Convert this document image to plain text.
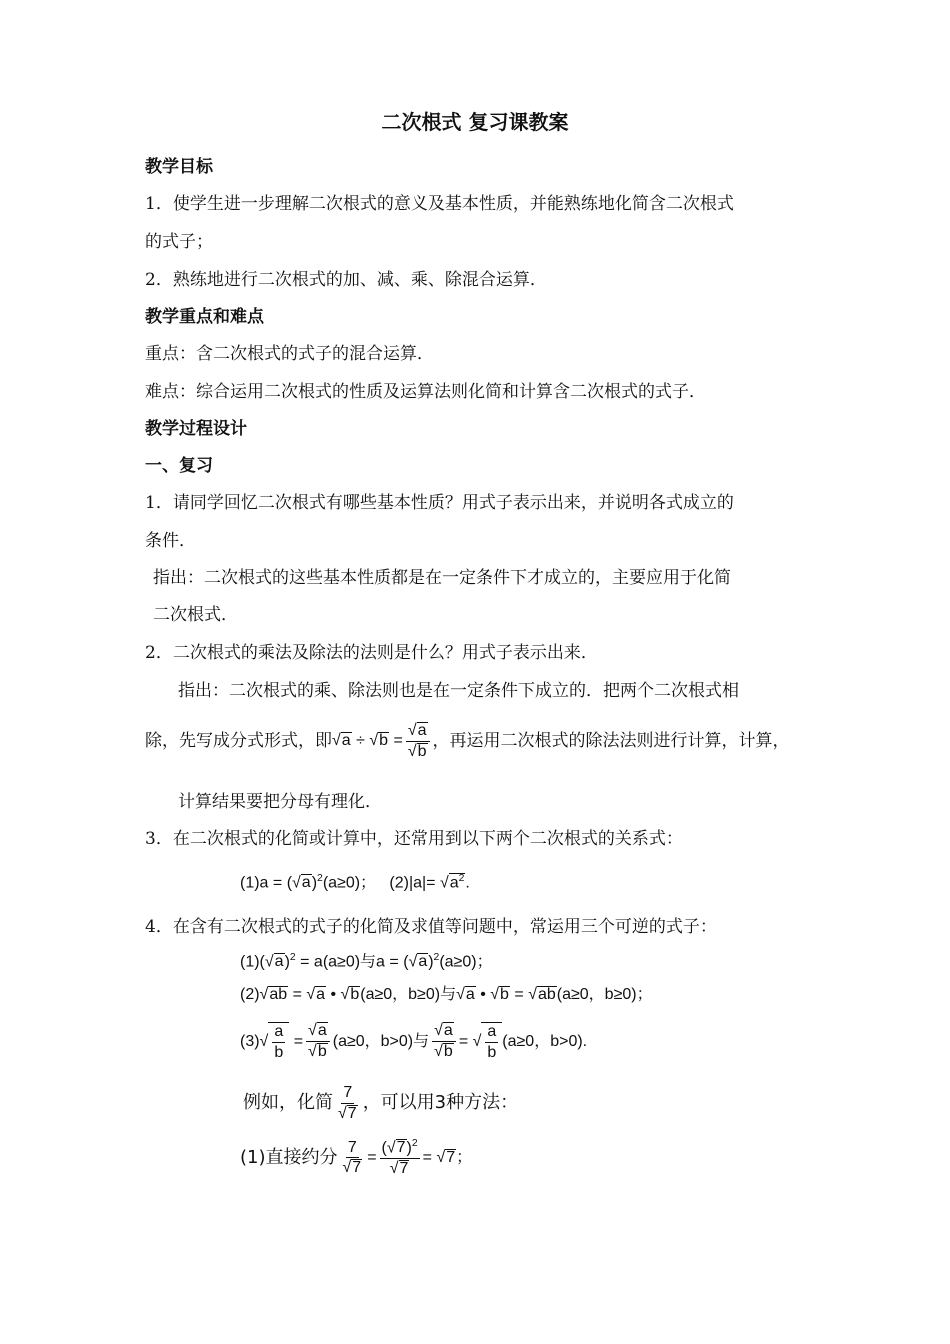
二次根式 复习课教案
教学目标
1．使学生进一步理解二次根式的意义及基本性质，并能熟练地化简含二次根式
的式子；
2．熟练地进行二次根式的加、减、乘、除混合运算．
教学重点和难点
重点：含二次根式的式子的混合运算．
难点：综合运用二次根式的性质及运算法则化简和计算含二次根式的式子．
教学过程设计
一、复习
1．请同学回忆二次根式有哪些基本性质？用式子表示出来，并说明各式成立的
条件．
指出：二次根式的这些基本性质都是在一定条件下才成立的，主要应用于化简
二次根式．
2．二次根式的乘法及除法的法则是什么？用式子表示出来．
指出：二次根式的乘、除法则也是在一定条件下成立的．把两个二次根式相
除，先写成分式形式，即 √ a ÷ √ $b = \frac{√a}{√b}$ ，再运用二次根式的除法法则进行计算，计算，
计算结果要把分母有理化．
3．在二次根式的化简或计算中，还常用到以下两个二次根式的关系式：
$(1)a = (√a)^2(a\ge 0)$；   $(2)|a|= √a^2$.
4．在含有二次根式的式子的化简及求值等问题中，常运用三个可逆的式子：
$(1)(√a)^2 = a(a\ge 0)$与$a = (√a)^2(a\ge 0)$；
(2)√ab = √a • √b(a≥0，b≥0)与√a • √b = √ab(a≥0，b≥0)；
$(3)√ \frac{a}{b} = \frac{√a}{√b} (a\ge 0$，b>0)与 $\frac{√a}{√b}$ = √ $\frac{a}{b} (a\ge 0$，b>0).
例如，化简 $\frac{7}{√7}$ ，可以用3种方法：
(1)直接约分 $\frac{7}{√7} = \frac{(√7)^2}{√7}$ = √ 7 ；
